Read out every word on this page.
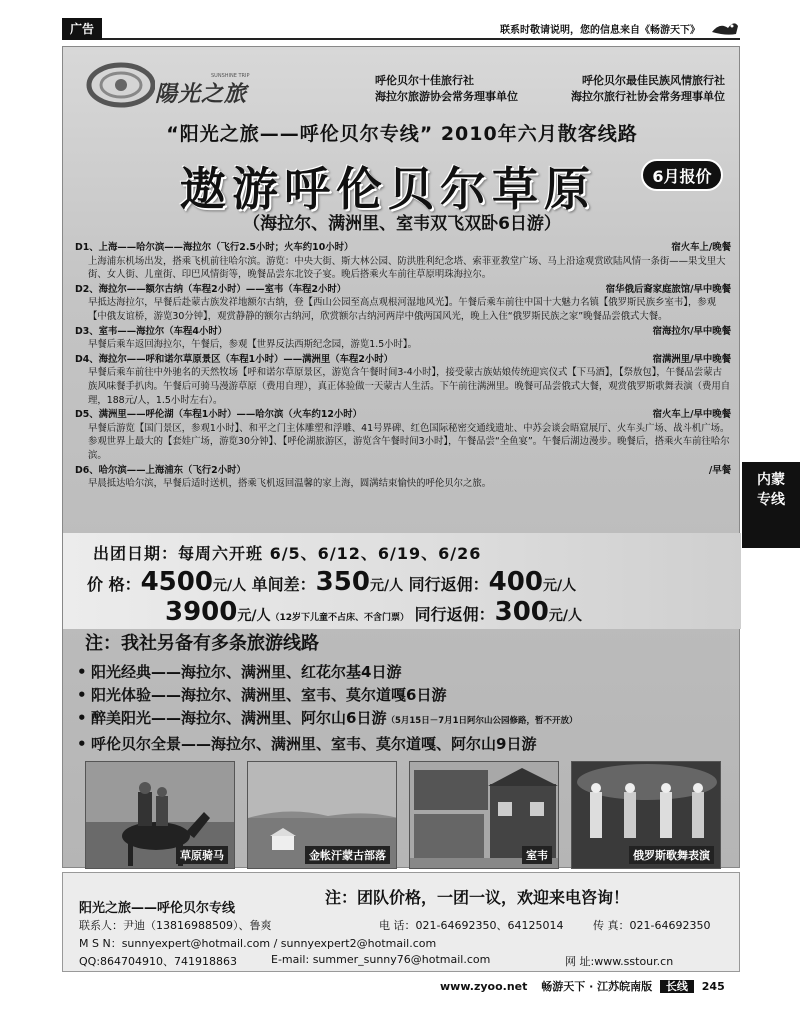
广告	联系时敬请说明，您的信息来自《畅游天下》
陽光之旅
SUNSHINE TRIP	呼伦贝尔十佳旅行社	呼伦贝尔最佳民族风情旅行社
海拉尔旅游协会常务理事单位	海拉尔旅行社协会常务理事单位
“阳光之旅——呼伦贝尔专线” 2010年六月散客线路
遨游呼伦贝尔草原	6月报价
（海拉尔、满洲里、室韦双飞双卧6日游）
D1、上海——哈尔滨——海拉尔（飞行2.5小时；火车约10小时）	宿火车上/晚餐
上海浦东机场出发，搭乘飞机前往哈尔滨。游览：中央大街、斯大林公园、防洪胜利纪念塔、索菲亚教堂广场、马上沿途观赏欧陆风情一条街——果戈里大街、女人街、儿童街、印巴风情街等，晚餐品尝东北饺子宴。晚后搭乘火车前往草原明珠海拉尔。
D2、海拉尔——额尔古纳（车程2小时）——室韦（车程2小时）	宿华俄后裔家庭旅馆/早中晚餐
早抵达海拉尔，早餐后赴蒙古族发祥地额尔古纳，登【西山公园至高点观根河湿地风光】。午餐后乘车前往中国十大魅力名镇【俄罗斯民族乡室韦】，参观【中俄友谊桥，游览30分钟】，观赏静静的额尔古纳河，欣赏额尔古纳河两岸中俄两国风光，晚上入住“俄罗斯民族之家”晚餐品尝俄式大餐。
D3、室韦——海拉尔（车程4小时）	宿海拉尔/早中晚餐
早餐后乘车返回海拉尔，午餐后，参观【世界反法西斯纪念园，游览1.5小时】。
D4、海拉尔——呼和诺尔草原景区（车程1小时）——满洲里（车程2小时）	宿满洲里/早中晚餐
早餐后乘车前往中外驰名的天然牧场【呼和诺尔草原景区，游览含午餐时间3-4小时】，接受蒙古族姑娘传统迎宾仪式【下马酒】，【祭敖包】，午餐品尝蒙古族风味餐手扒肉。午餐后可骑马漫游草原（费用自理），真正体验做一天蒙古人生活。下午前往满洲里。晚餐可品尝俄式大餐，观赏俄罗斯歌舞表演（费用自理，188元/人，1.5小时左右）。
D5、满洲里——呼伦湖（车程1小时）——哈尔滨（火车约12小时）	宿火车上/早中晚餐
早餐后游览【国门景区，参观1小时】、和平之门主体雕塑和浮雕、41号界碑、红色国际秘密交通线遗址、中苏会谈会晤窟展厅、火车头广场、战斗机广场。参观世界上最大的【套娃广场，游览30分钟】、【呼伦湖旅游区，游览含午餐时间3小时】，午餐品尝“全鱼宴”。午餐后湖边漫步。晚餐后，搭乘火车前往哈尔滨。
D6、哈尔滨——上海浦东（飞行2小时）	/早餐
早晨抵达哈尔滨，早餐后适时送机，搭乘飞机返回温馨的家上海，圆满结束愉快的呼伦贝尔之旅。
出团日期：每周六开班 6/5、6/12、6/19、6/26
价 格：4500元/人 单间差：350元/人 同行返佣：400元/人
3900元/人（12岁下儿童不占床、不含门票） 同行返佣：300元/人
注：我社另备有多条旅游线路
• 阳光经典——海拉尔、满洲里、红花尔基4日游
• 阳光体验——海拉尔、满洲里、室韦、莫尔道嘎6日游
• 醉美阳光——海拉尔、满洲里、阿尔山6日游（5月15日－7月1日阿尔山公园修路，暂不开放）
• 呼伦贝尔全景——海拉尔、满洲里、室韦、莫尔道嘎、阿尔山9日游
草原骑马	金帐汗蒙古部落	室韦	俄罗斯歌舞表演
阳光之旅——呼伦贝尔专线
注：团队价格，一团一议，欢迎来电咨询！
联系人：尹迪（13816988509）、鲁爽	电 话：021-64692350、64125014	传 真：021-64692350
M S N：sunnyexpert@hotmail.com / sunnyexpert2@hotmail.com
QQ:864704910、741918863	E-mail: summer_sunny76@hotmail.com	网 址:www.sstour.cn
www.zyoo.net 畅游天下 · 江苏皖南版 长线 245
内蒙专线
